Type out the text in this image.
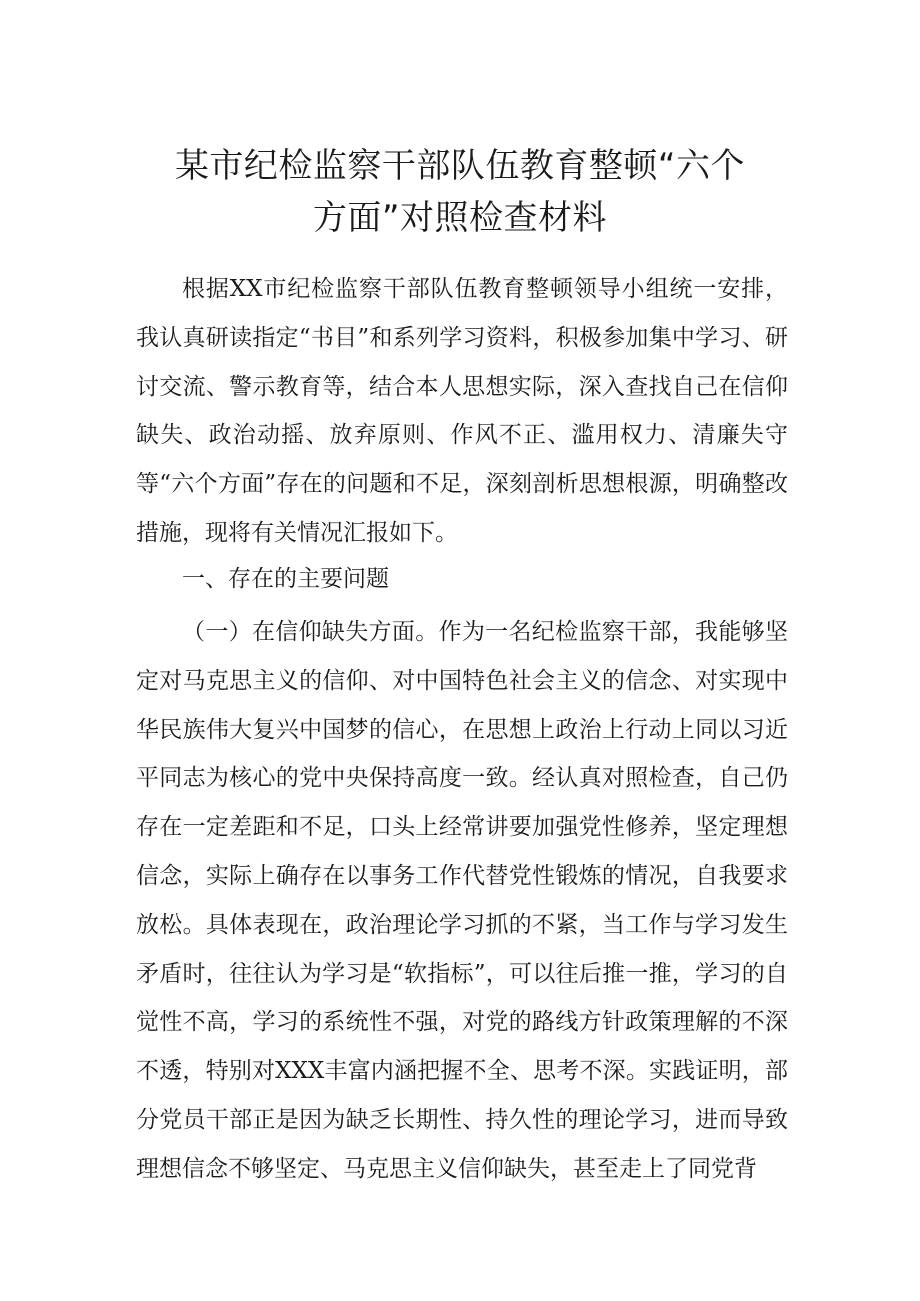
某市纪检监察干部队伍教育整顿“六个
方面”对照检查材料

根据XX市纪检监察干部队伍教育整顿领导小组统一安排，我认真研读指定“书目”和系列学习资料，积极参加集中学习、研讨交流、警示教育等，结合本人思想实际，深入查找自己在信仰缺失、政治动摇、放弃原则、作风不正、滥用权力、清廉失守等“六个方面”存在的问题和不足，深刻剖析思想根源，明确整改措施，现将有关情况汇报如下。

一、存在的主要问题

（一）在信仰缺失方面。作为一名纪检监察干部，我能够坚定对马克思主义的信仰、对中国特色社会主义的信念、对实现中华民族伟大复兴中国梦的信心，在思想上政治上行动上同以习近平同志为核心的党中央保持高度一致。经认真对照检查，自己仍存在一定差距和不足，口头上经常讲要加强党性修养，坚定理想信念，实际上确存在以事务工作代替党性锻炼的情况，自我要求放松。具体表现在，政治理论学习抓的不紧，当工作与学习发生矛盾时，往往认为学习是“软指标”，可以往后推一推，学习的自觉性不高，学习的系统性不强，对党的路线方针政策理解的不深不透，特别对XXX丰富内涵把握不全、思考不深。实践证明，部分党员干部正是因为缺乏长期性、持久性的理论学习，进而导致理想信念不够坚定、马克思主义信仰缺失，甚至走上了同党背
